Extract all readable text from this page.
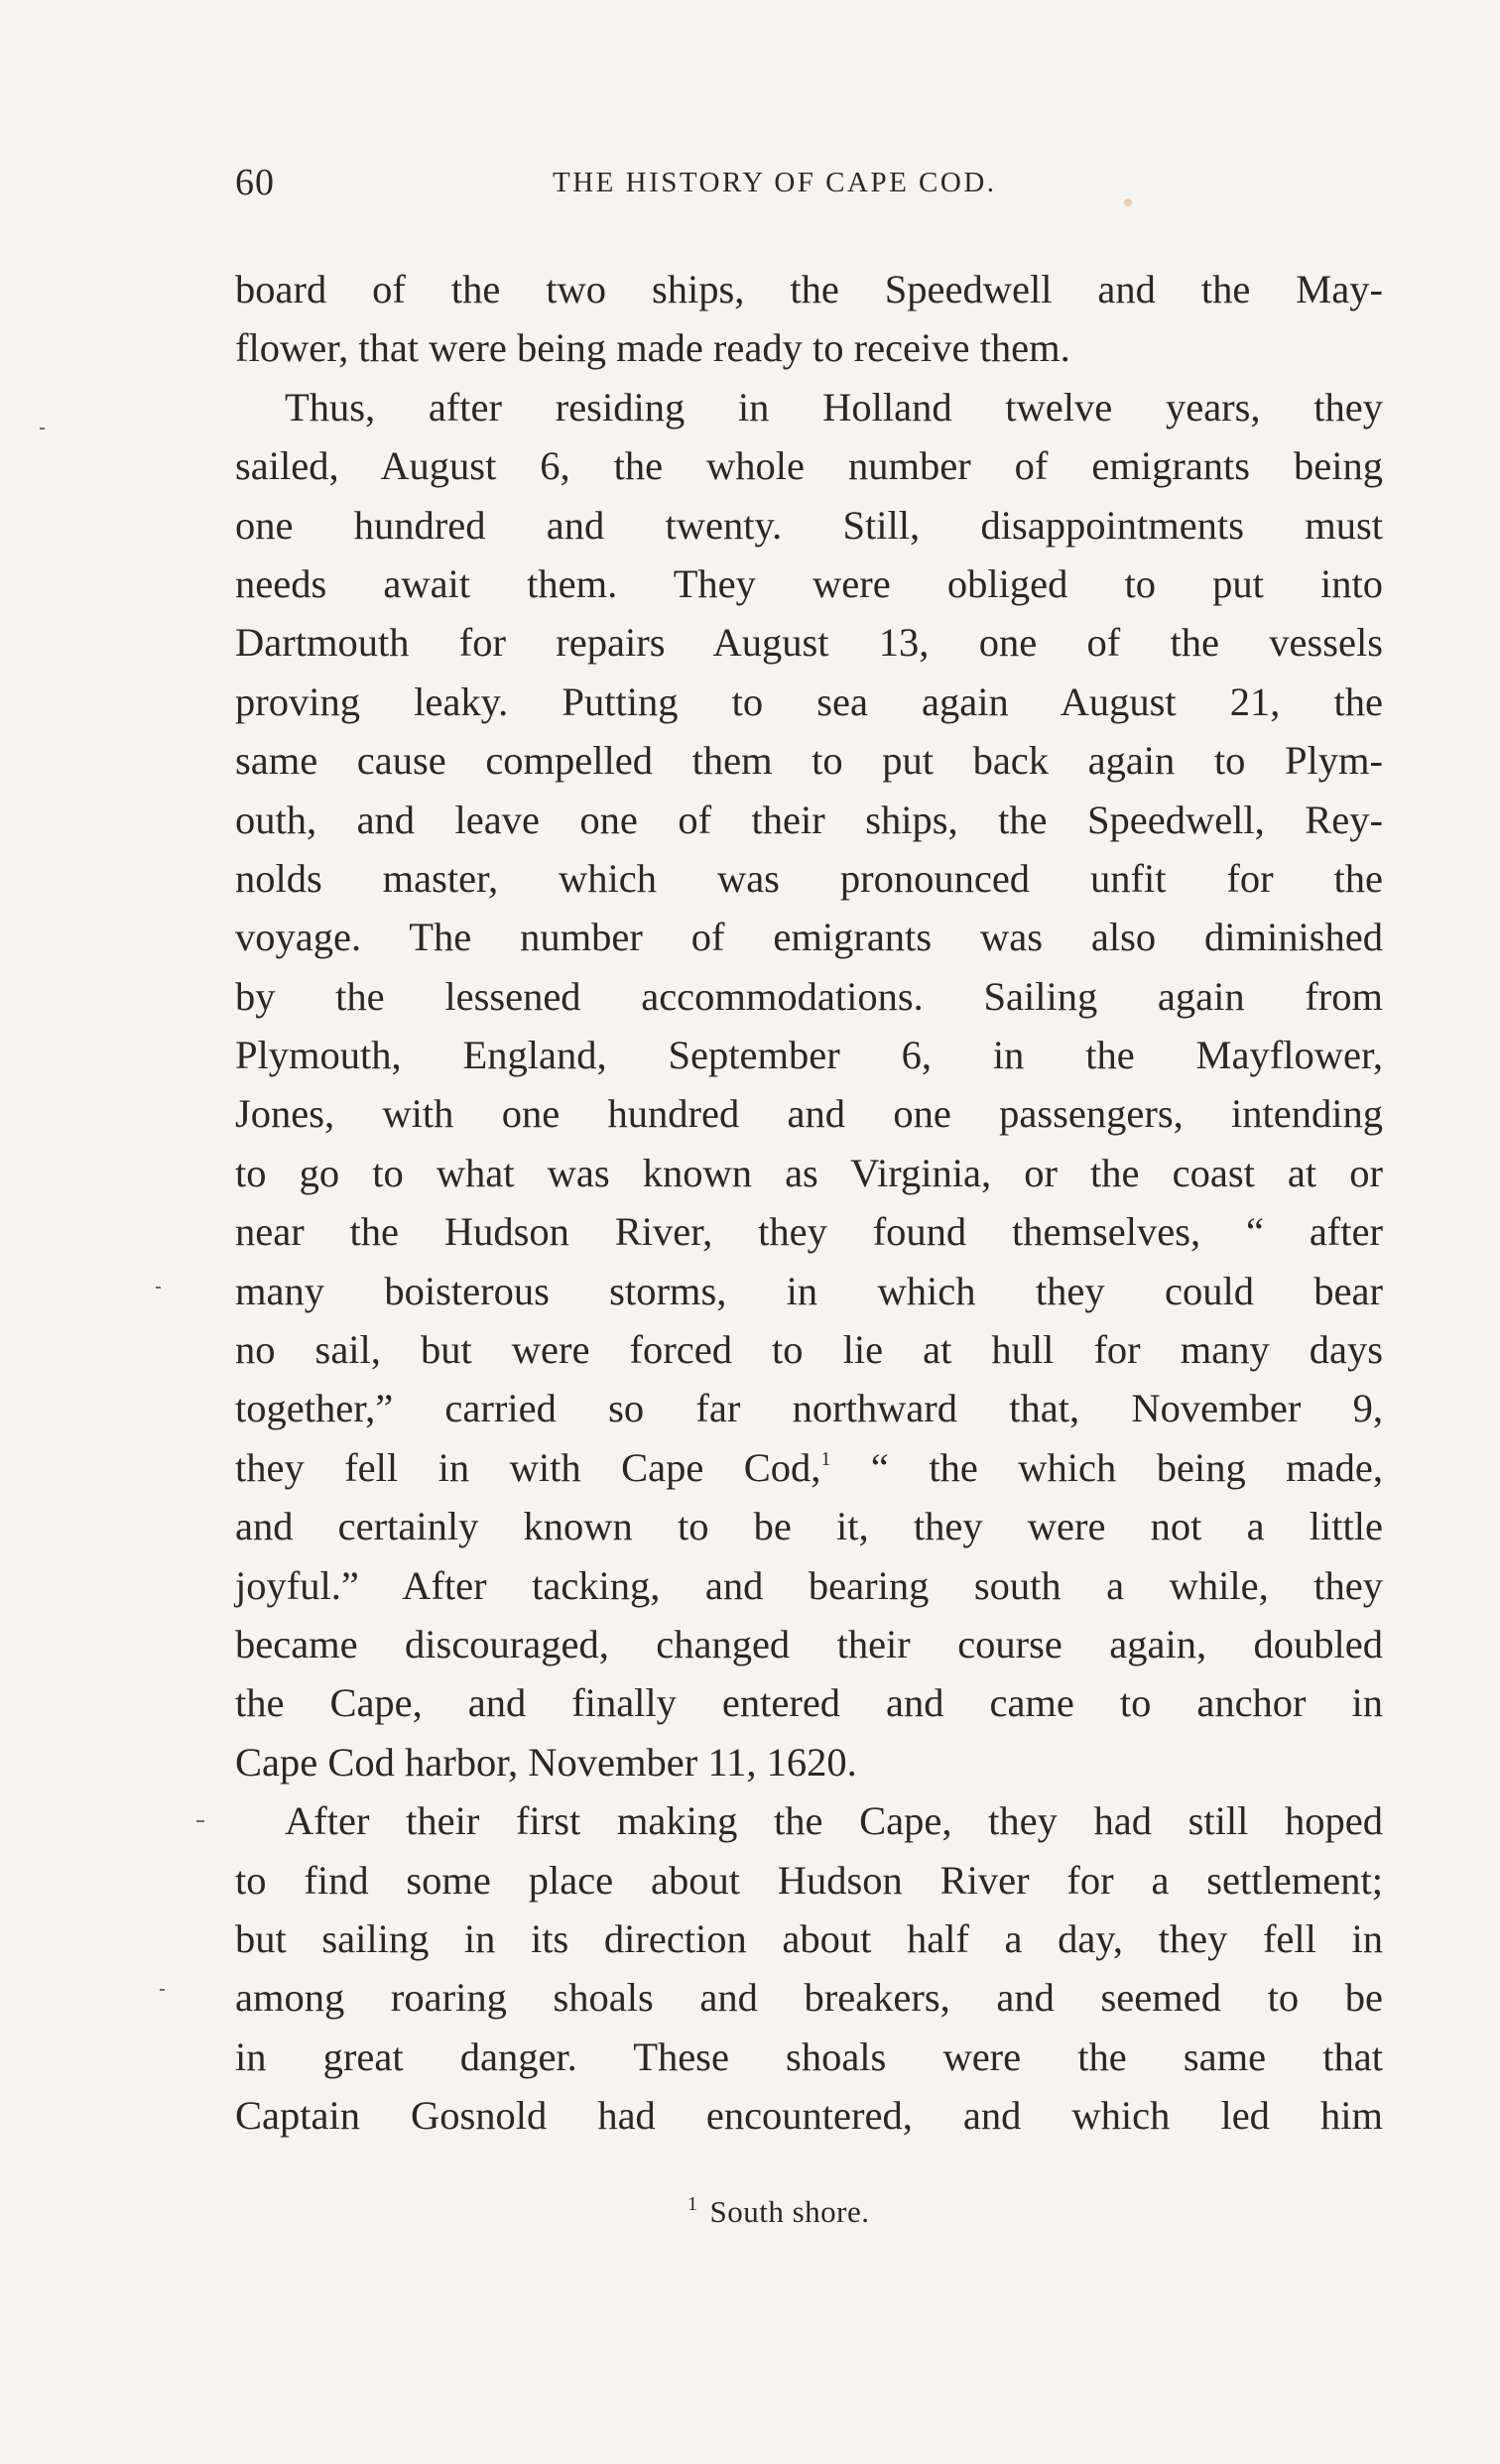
60	THE HISTORY OF CAPE COD.
board of the two ships, the Speedwell and the May-
flower, that were being made ready to receive them.
Thus, after residing in Holland twelve years, they
sailed, August 6, the whole number of emigrants being
one hundred and twenty. Still, disappointments must
needs await them. They were obliged to put into
Dartmouth for repairs August 13, one of the vessels
proving leaky. Putting to sea again August 21, the
same cause compelled them to put back again to Plym-
outh, and leave one of their ships, the Speedwell, Rey-
nolds master, which was pronounced unfit for the
voyage. The number of emigrants was also diminished
by the lessened accommodations. Sailing again from
Plymouth, England, September 6, in the Mayflower,
Jones, with one hundred and one passengers, intending
to go to what was known as Virginia, or the coast at or
near the Hudson River, they found themselves, “ after
many boisterous storms, in which they could bear
no sail, but were forced to lie at hull for many days
together,” carried so far northward that, November 9,
they fell in with Cape Cod,$^1$ “ the which being made,
and certainly known to be it, they were not a little
joyful.” After tacking, and bearing south a while, they
became discouraged, changed their course again, doubled
the Cape, and finally entered and came to anchor in
Cape Cod harbor, November 11, 1620.
After their first making the Cape, they had still hoped
to find some place about Hudson River for a settlement;
but sailing in its direction about half a day, they fell in
among roaring shoals and breakers, and seemed to be
in great danger. These shoals were the same that
Captain Gosnold had encountered, and which led him
$^1$ South shore.
